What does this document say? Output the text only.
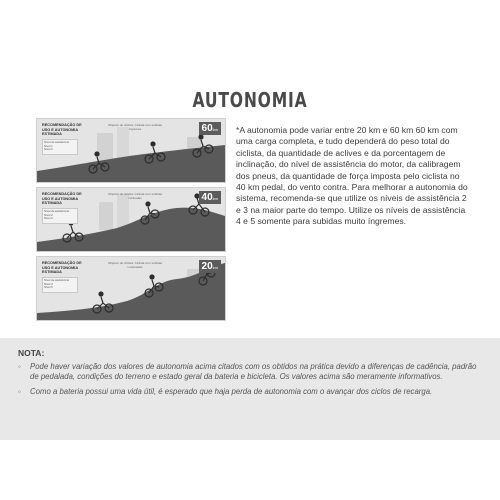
AUTONOMIA
RECOMENDAÇÃO DE USO E AUTONOMIA ESTIMADA
Nível de assistência
Nível 1
Nível 2
Objetivo do ciclista: Ciclista com subidas íngremes	60km
RECOMENDAÇÃO DE USO E AUTONOMIA ESTIMADA
Nível de assistência
Nível 2
Nível 3
Objetivo do ciclista: Ciclista com subidas inclinadas	40km
RECOMENDAÇÃO DE USO E AUTONOMIA ESTIMADA
Nível de assistência
Nível 4
Nível 5
Objetivo do ciclista: Ciclista com subidas moderadas	20km

*A autonomia pode variar entre 20 km e 60 km 60 km com uma carga completa, e tudo dependerá do peso total do ciclista, da quantidade de aclives e da porcentagem de inclinação, do nível de assistência do motor, da calibragem dos pneus, da quantidade de força imposta pelo ciclista no 40 km pedal, do vento contra. Para melhorar a autonomia do sistema, recomenda-se que utilize os níveis de assistência 2 e 3 na maior parte do tempo. Utilize os níveis de assistência 4 e 5 somente para subidas muito íngremes.

NOTA:
◦ Pode haver variação dos valores de autonomia acima citados com os obtidos na prática devido a diferenças de cadência, padrão de pedalada, condições do terreno e estado geral da bateria e bicicleta. Os valores acima são meramente informativos.
◦ Como a bateria possui uma vida útil, é esperado que haja perda de autonomia com o avançar dos ciclos de recarga.
